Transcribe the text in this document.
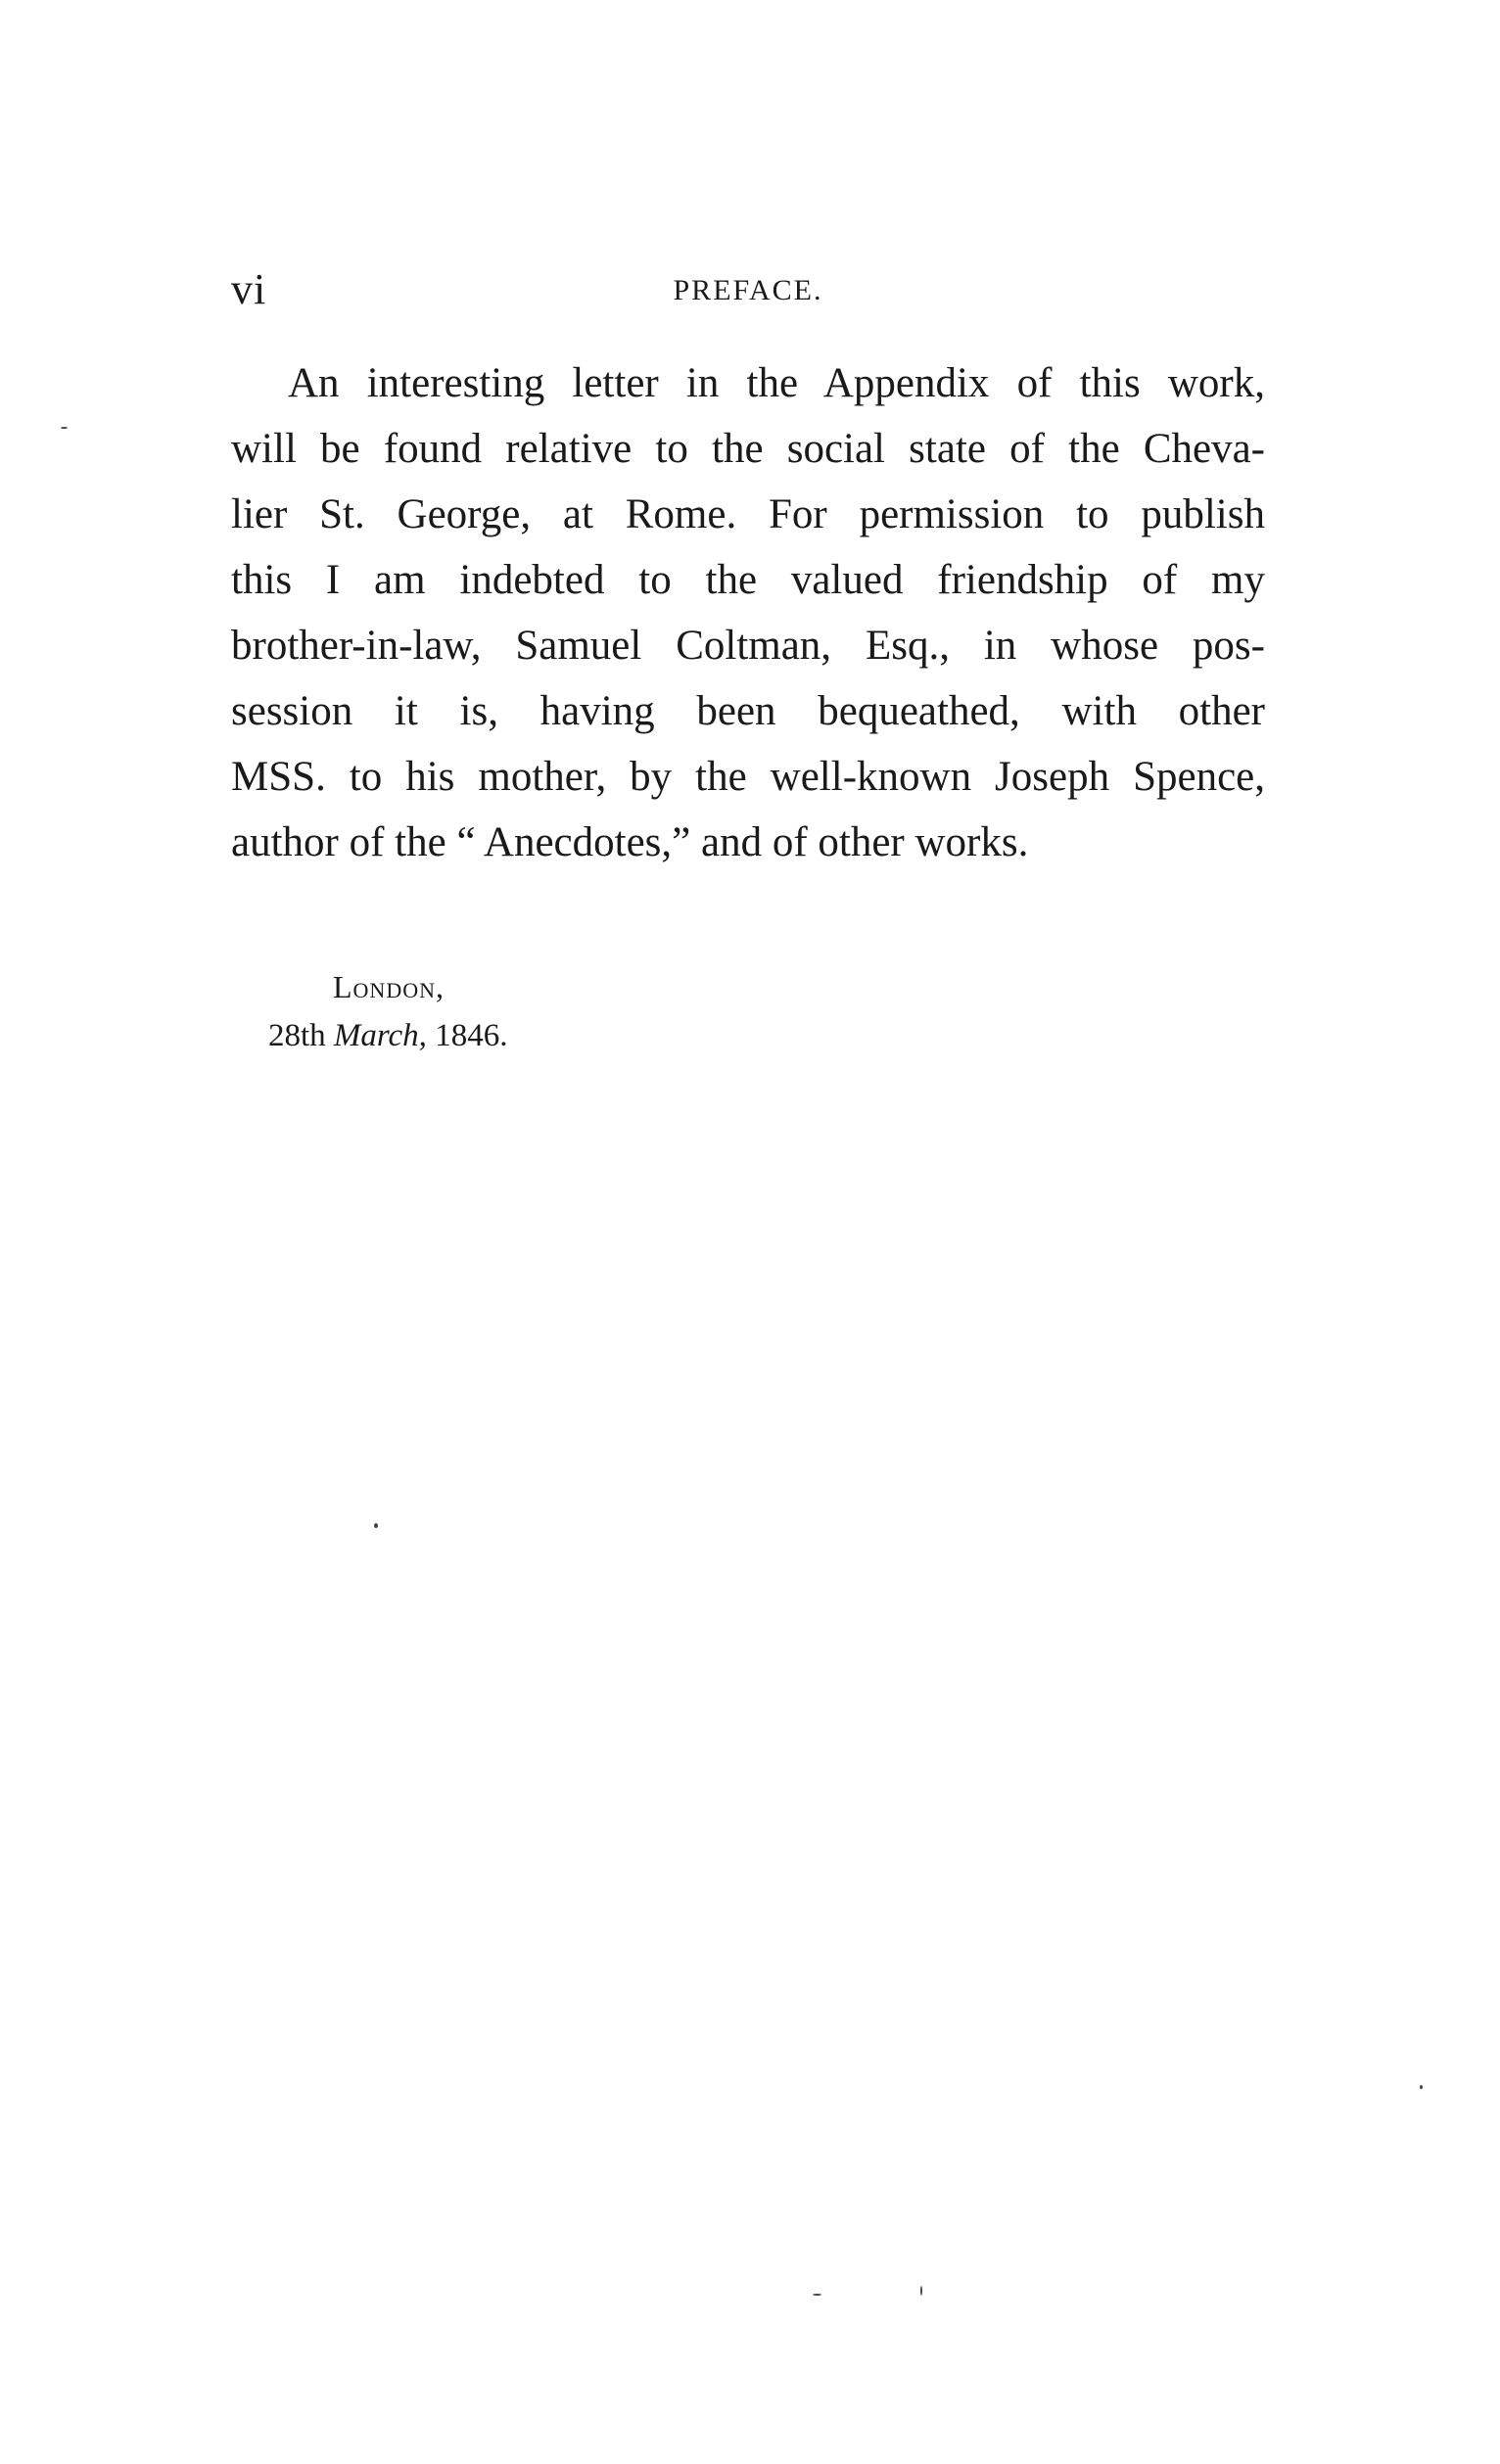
vi	PREFACE.
An interesting letter in the Appendix of this work,
will be found relative to the social state of the Cheva-
lier St. George, at Rome. For permission to publish
this I am indebted to the valued friendship of my
brother-in-law, Samuel Coltman, Esq., in whose pos-
session it is, having been bequeathed, with other
MSS. to his mother, by the well-known Joseph Spence,
author of the “ Anecdotes,” and of other works.
London,
28th March, 1846.
